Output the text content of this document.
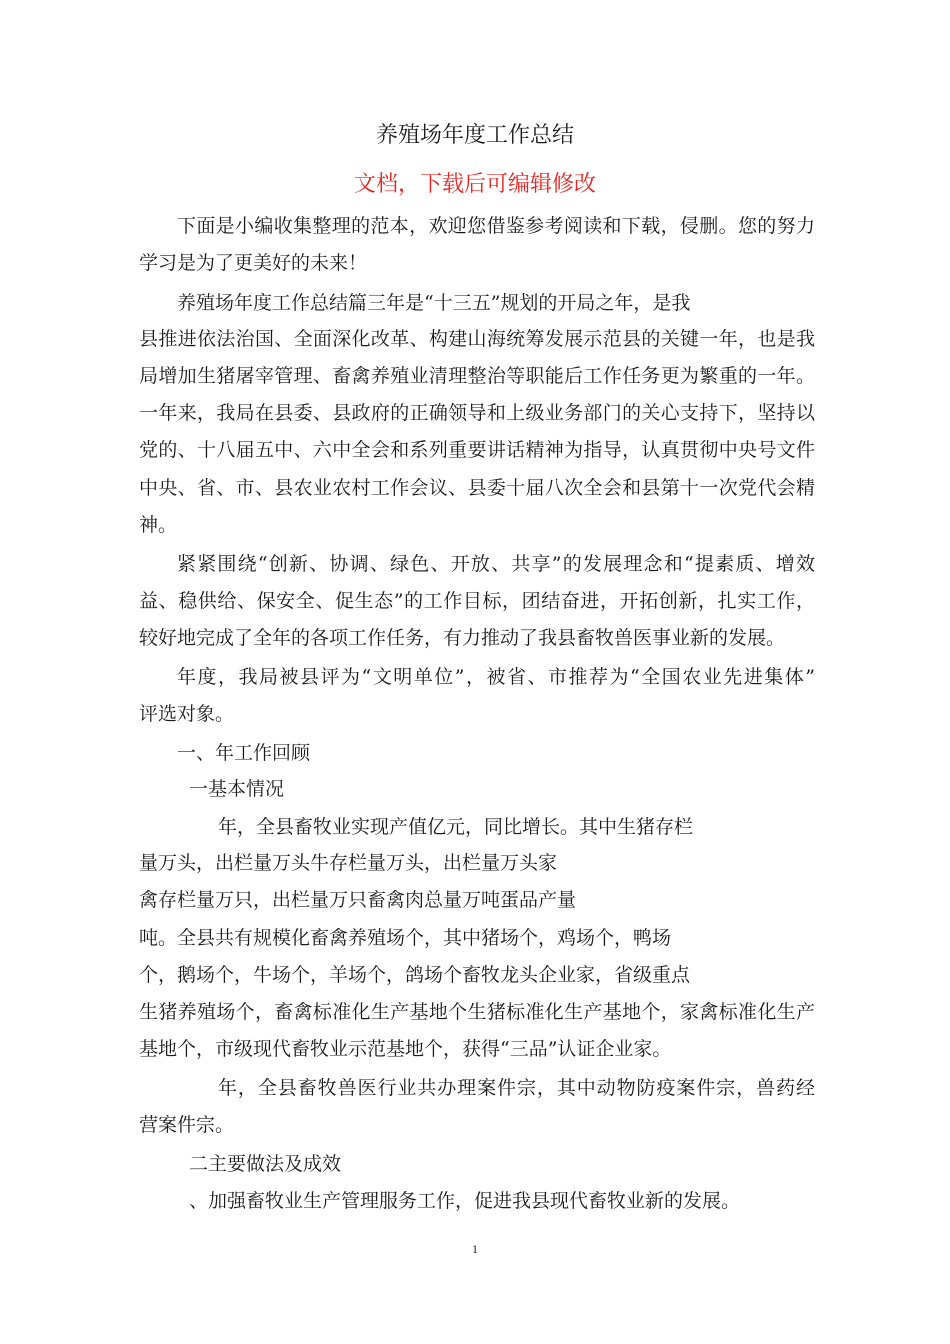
养殖场年度工作总结
文档，下载后可编辑修改
下面是小编收集整理的范本，欢迎您借鉴参考阅读和下载，侵删。您的努力
学习是为了更美好的未来！
养殖场年度工作总结篇三年是“十三五”规划的开局之年，是我
县推进依法治国、全面深化改革、构建山海统筹发展示范县的关键一年，也是我
局增加生猪屠宰管理、畜禽养殖业清理整治等职能后工作任务更为繁重的一年。
一年来，我局在县委、县政府的正确领导和上级业务部门的关心支持下，坚持以
党的、十八届五中、六中全会和系列重要讲话精神为指导，认真贯彻中央号文件
中央、省、市、县农业农村工作会议、县委十届八次全会和县第十一次党代会精
神。
紧紧围绕“创新、协调、绿色、开放、共享”的发展理念和“提素质、增效
益、稳供给、保安全、促生态”的工作目标，团结奋进，开拓创新，扎实工作，
较好地完成了全年的各项工作任务，有力推动了我县畜牧兽医事业新的发展。
年度，我局被县评为“文明单位”，被省、市推荐为“全国农业先进集体”
评选对象。
一、年工作回顾
一基本情况
年，全县畜牧业实现产值亿元，同比增长。其中生猪存栏
量万头，出栏量万头牛存栏量万头，出栏量万头家
禽存栏量万只，出栏量万只畜禽肉总量万吨蛋品产量
吨。全县共有规模化畜禽养殖场个，其中猪场个，鸡场个，鸭场
个，鹅场个，牛场个，羊场个，鸽场个畜牧龙头企业家，省级重点
生猪养殖场个，畜禽标准化生产基地个生猪标准化生产基地个，家禽标准化生产
基地个，市级现代畜牧业示范基地个，获得“三品”认证企业家。
年，全县畜牧兽医行业共办理案件宗，其中动物防疫案件宗，兽药经
营案件宗。
二主要做法及成效
、加强畜牧业生产管理服务工作，促进我县现代畜牧业新的发展。
1
